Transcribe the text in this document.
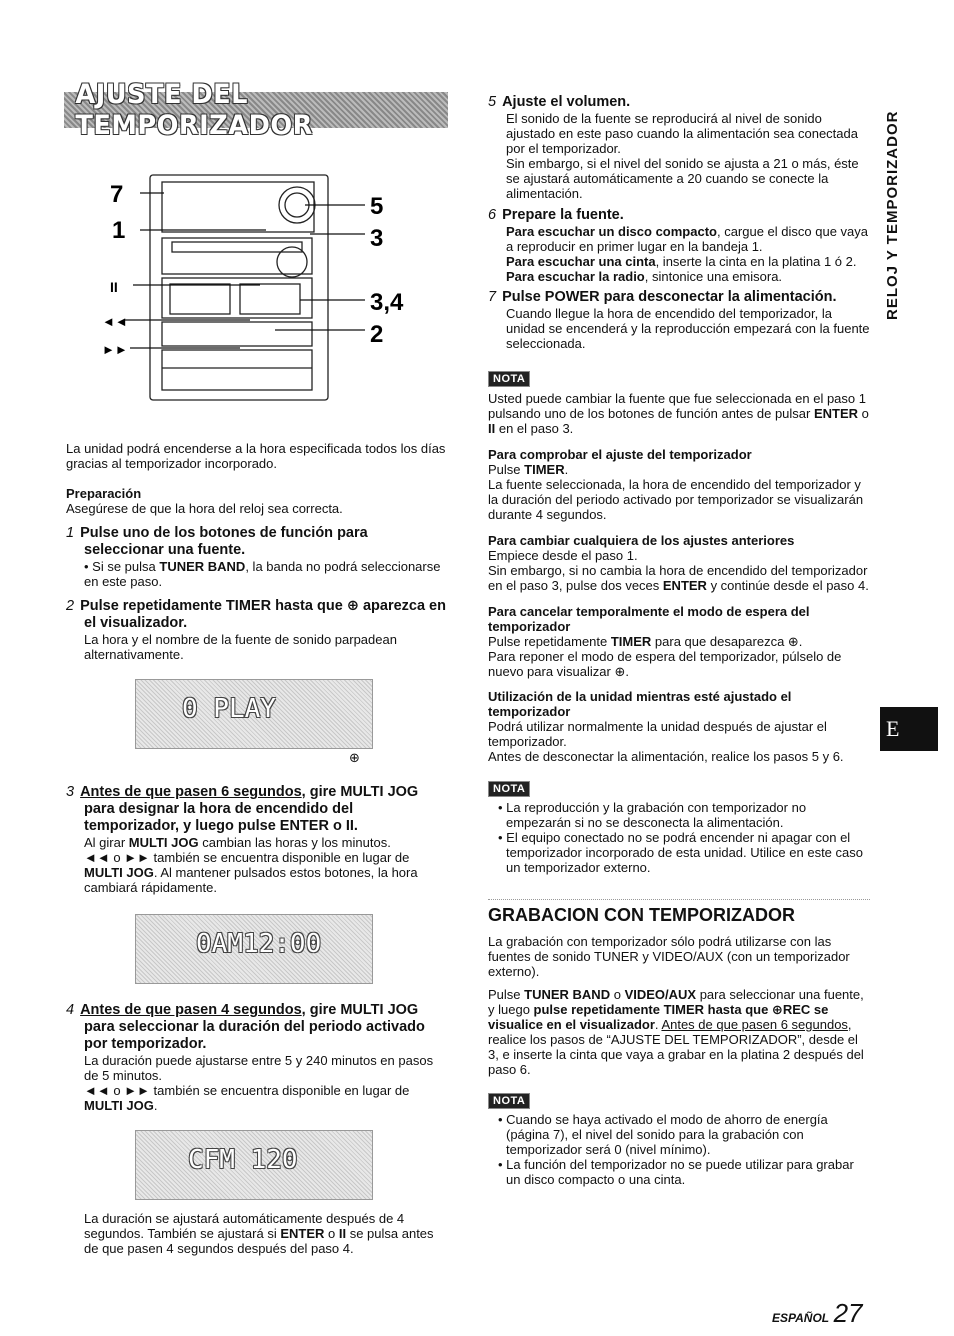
AJUSTE DEL TEMPORIZADOR
7
1
II
◄◄
►►
5
3
3,4
2

La unidad podrá encenderse a la hora especificada todos los días gracias al temporizador incorporado.

Preparación

Asegúrese de que la hora del reloj sea correcta.

1 Pulse uno de los botones de función para seleccionar una fuente.

• Si se pulsa TUNER BAND, la banda no podrá seleccionarse en este paso.

2 Pulse repetidamente TIMER hasta que ⊕ aparezca en el visualizador.

La hora y el nombre de la fuente de sonido parpadean alternativamente.

0 PLAY
⊕

3 Antes de que pasen 6 segundos, gire MULTI JOG para designar la hora de encendido del temporizador, y luego pulse ENTER o II.

Al girar MULTI JOG cambian las horas y los minutos.

◄◄ o ►► también se encuentra disponible en lugar de MULTI JOG. Al mantener pulsados estos botones, la hora cambiará rápidamente.

0AM12:00

4 Antes de que pasen 4 segundos, gire MULTI JOG para seleccionar la duración del periodo activado por temporizador.

La duración puede ajustarse entre 5 y 240 minutos en pasos de 5 minutos.

◄◄ o ►► también se encuentra disponible en lugar de MULTI JOG.

CFM 120

La duración se ajustará automáticamente después de 4 segundos. También se ajustará si ENTER o II se pulsa antes de que pasen 4 segundos después del paso 4.

5 Ajuste el volumen.

El sonido de la fuente se reproducirá al nivel de sonido ajustado en este paso cuando la alimentación sea conectada por el temporizador.

Sin embargo, si el nivel del sonido se ajusta a 21 o más, éste se ajustará automáticamente a 20 cuando se conecte la alimentación.

6 Prepare la fuente.

Para escuchar un disco compacto, cargue el disco que vaya a reproducir en primer lugar en la bandeja 1.

Para escuchar una cinta, inserte la cinta en la platina 1 ó 2.

Para escuchar la radio, sintonice una emisora.

7 Pulse POWER para desconectar la alimentación.

Cuando llegue la hora de encendido del temporizador, la unidad se encenderá y la reproducción empezará con la fuente seleccionada.

NOTA

Usted puede cambiar la fuente que fue seleccionada en el paso 1 pulsando uno de los botones de función antes de pulsar ENTER o II en el paso 3.

Para comprobar el ajuste del temporizador

Pulse TIMER.

La fuente seleccionada, la hora de encendido del temporizador y la duración del periodo activado por temporizador se visualizarán durante 4 segundos.

Para cambiar cualquiera de los ajustes anteriores

Empiece desde el paso 1.

Sin embargo, si no cambia la hora de encendido del temporizador en el paso 3, pulse dos veces ENTER y continúe desde el paso 4.

Para cancelar temporalmente el modo de espera del temporizador

Pulse repetidamente TIMER para que desaparezca ⊕.

Para reponer el modo de espera del temporizador, púlselo de nuevo para visualizar ⊕.

Utilización de la unidad mientras esté ajustado el temporizador

Podrá utilizar normalmente la unidad después de ajustar el temporizador.

Antes de desconectar la alimentación, realice los pasos 5 y 6.

NOTA
• La reproducción y la grabación con temporizador no empezarán si no se desconecta la alimentación.
• El equipo conectado no se podrá encender ni apagar con el temporizador incorporado de esta unidad. Utilice en este caso un temporizador externo.

GRABACION CON TEMPORIZADOR

La grabación con temporizador sólo podrá utilizarse con las fuentes de sonido TUNER y VIDEO/AUX (con un temporizador externo).

Pulse TUNER BAND o VIDEO/AUX para seleccionar una fuente, y luego pulse repetidamente TIMER hasta que ⊕REC se visualice en el visualizador. Antes de que pasen 6 segundos, realice los pasos de “AJUSTE DEL TEMPORIZADOR”, desde el 3, e inserte la cinta que vaya a grabar en la platina 2 después del paso 6.

NOTA
• Cuando se haya activado el modo de ahorro de energía (página 7), el nivel del sonido para la grabación con temporizador será 0 (nivel mínimo).
• La función del temporizador no se puede utilizar para grabar un disco compacto o una cinta.
RELOJ Y TEMPORIZADOR
E
ESPAÑOL 27
